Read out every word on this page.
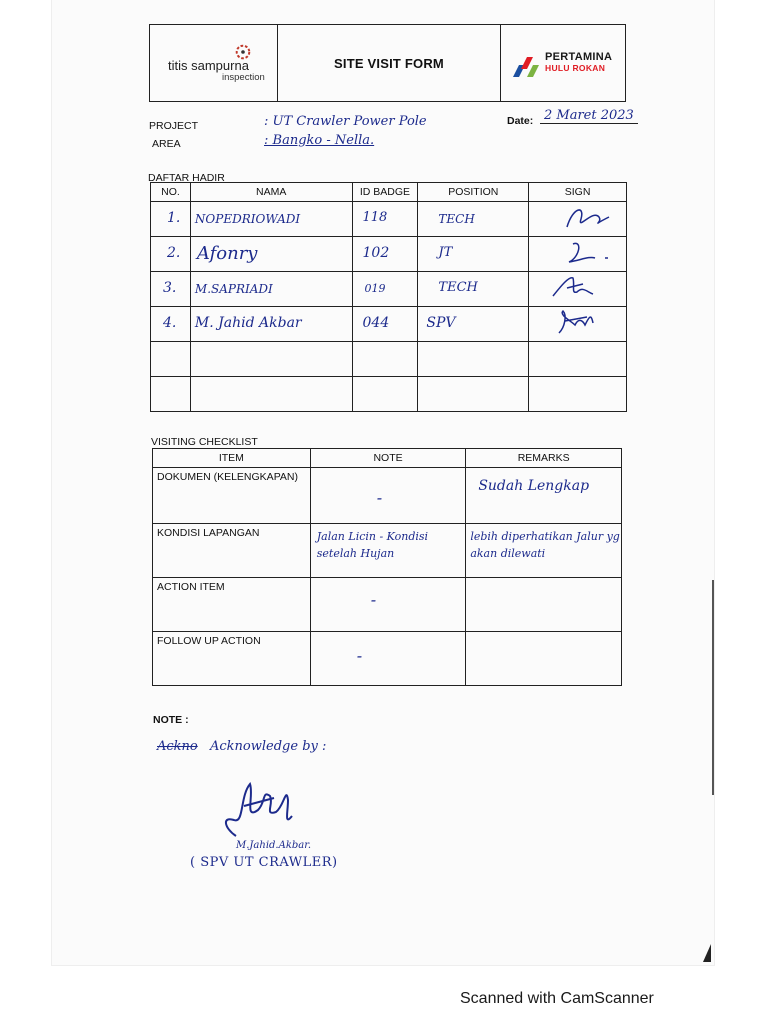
titis sampurna
inspection
SITE VISIT FORM	PERTAMINA
HULU ROKAN
PROJECT	: UT Crawler Power Pole
AREA	: Bangko - Nella.
Date: 2 Maret 2023
DAFTAR HADIR
NO.	NAMA	ID BADGE	POSITION	SIGN

1.	NOPEDRIOWADI	118	TECH

2.	Afonry	102	JT

3.	M.SAPRIADI	019	TECH

4.	M. Jahid Akbar	044	SPV

VISITING CHECKLIST
ITEM	NOTE	REMARKS
DOKUMEN (KELENGKAPAN)	-	Sudah Lengkap

KONDISI LAPANGAN	Jalan Licin - Kondisi setelah Hujan	lebih diperhatikan Jalur yg akan dilewati

ACTION ITEM	-	

FOLLOW UP ACTION	-	

NOTE :
Ackno Acknowledge by :
M.Jahid.Akbar.
( SPV UT CRAWLER)
Scanned with CamScanner
